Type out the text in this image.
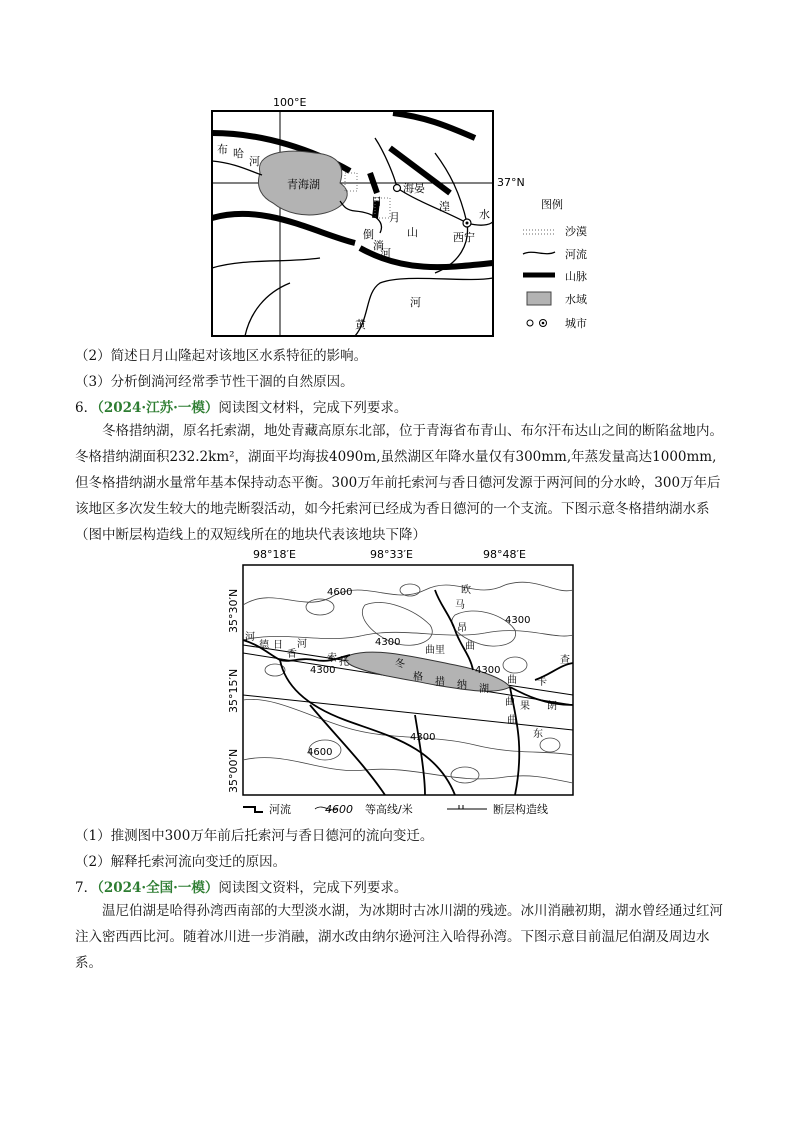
100°E
37°N
青海湖
布 哈
河
日
月
山
海晏
湟
水
西宁
倒
淌
河
河
黄
图例
沙漠
河流
山脉
水域
城市
（2）简述日月山隆起对该地区水系特征的影响。
（3）分析倒淌河经常季节性干涸的自然原因。
6．（2024·江苏·一模）阅读图文材料，完成下列要求。
冬格措纳湖，原名托索湖，地处青藏高原东北部，位于青海省布青山、布尔汗布达山之间的断陷盆地内。冬格措纳湖面积232.2km²，湖面平均海拔4090m,虽然湖区年降水量仅有300mm,年蒸发量高达1000mm,但冬格措纳湖水量常年基本保持动态平衡。300万年前托索河与香日德河发源于两河间的分水岭，300万年后该地区多次发生较大的地壳断裂活动，如今托索河已经成为香日德河的一个支流。下图示意冬格措纳湖水系（图中断层构造线上的双短线所在的地块代表该地块下降）
98°18′E	98°33′E	98°48′E
35°30′N
35°15′N
35°00′N
4600
4300
4300
4300	4300
4300
4600
河
德 日
香
河
索 托	冬
格 措 纳 湖
曲里
曲
欧
马
昂
曲
查
卡
曲 果 朗
曲
东
河流	4600 等高线/米	断层构造线
（1）推测图中300万年前后托索河与香日德河的流向变迁。
（2）解释托索河流向变迁的原因。
7．（2024·全国·一模）阅读图文资料，完成下列要求。
温尼伯湖是哈得孙湾西南部的大型淡水湖，为冰期时古冰川湖的残迹。冰川消融初期，湖水曾经通过红河注入密西西比河。随着冰川进一步消融，湖水改由纳尔逊河注入哈得孙湾。下图示意目前温尼伯湖及周边水系。
